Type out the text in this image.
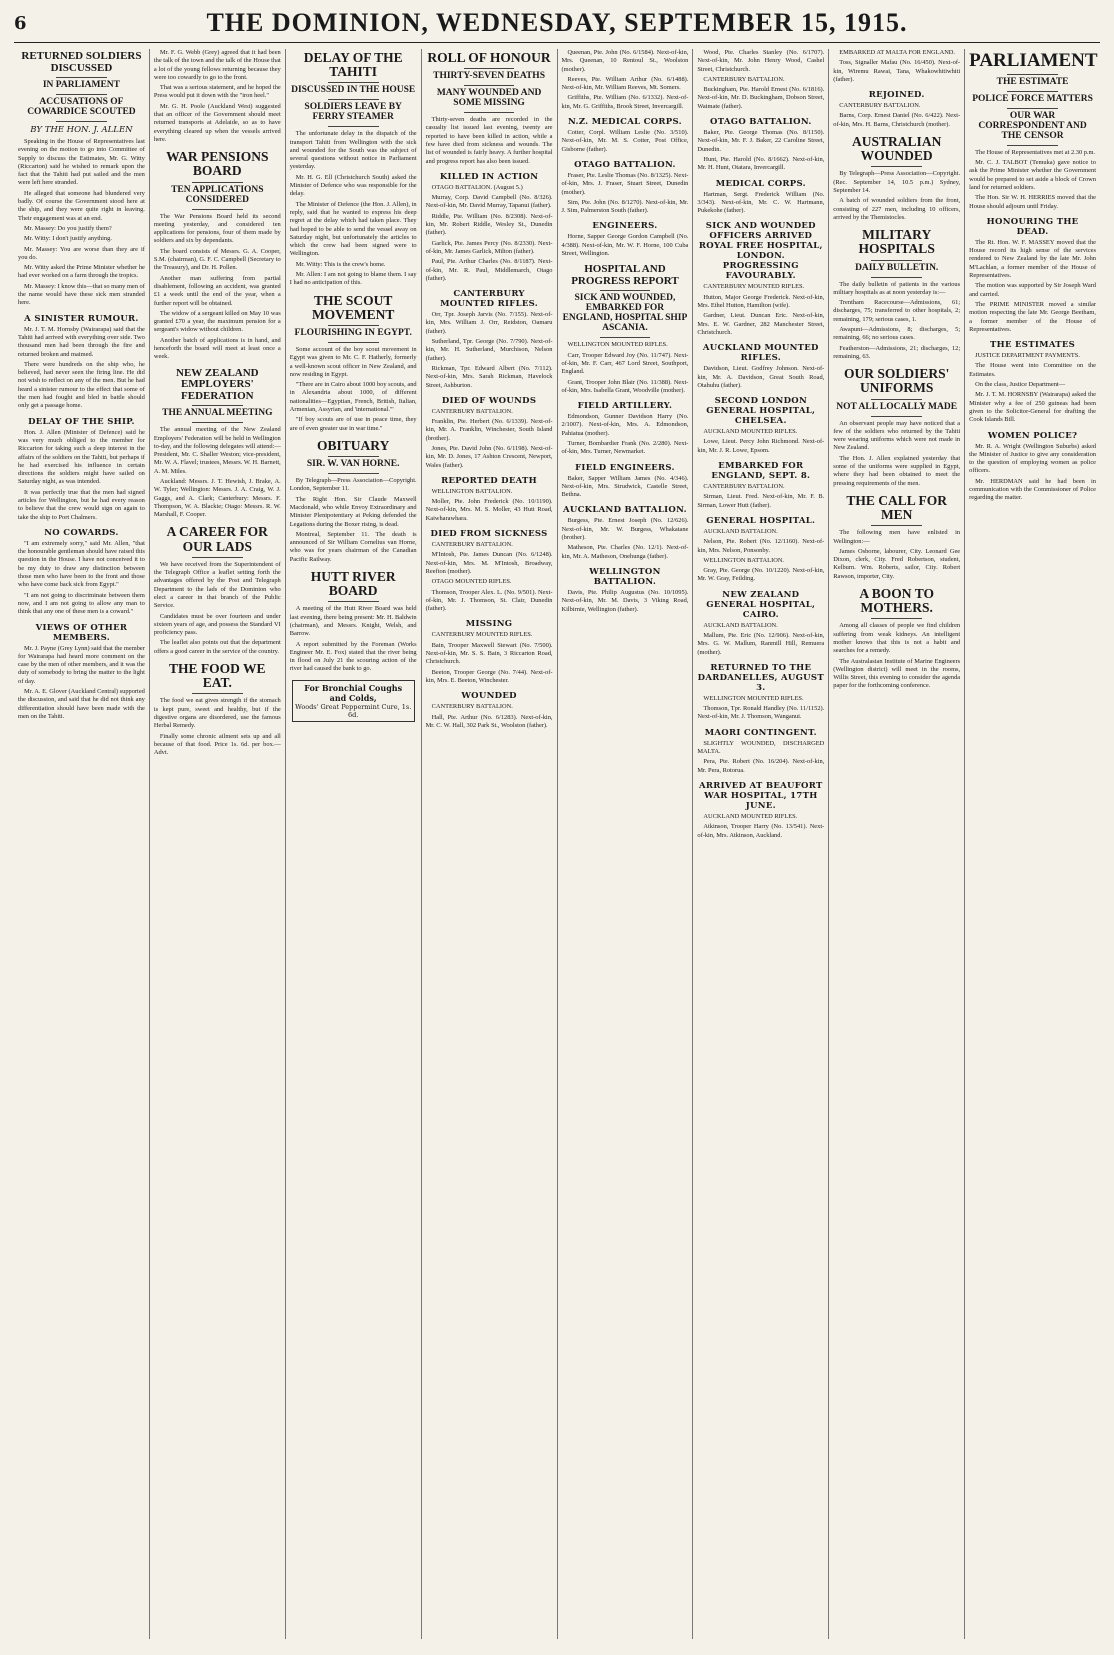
6	THE DOMINION, WEDNESDAY, SEPTEMBER 15, 1915.
RETURNED SOLDIERS DISCUSSED
IN PARLIAMENT
ACCUSATIONS OF COWARDICE SCOUTED
BY THE HON. J. ALLEN

Speaking in the House of Representatives last evening on the motion to go into Committee of Supply to discuss the Estimates, Mr. G. Witty (Riccarton) said he wished to remark upon the fact that the Tahiti had put sailed and the men were left here stranded.

He alleged that someone had blundered very badly. Of course the Government stood here at the ship, and they were quite right in leaving. Their engagement was at an end.

Mr. Massey: Do you justify them?

Mr. Witty: I don't justify anything.

Mr. Massey: You are worse than they are if you do.

Mr. Witty asked the Prime Minister whether he had ever worked on a farm through the tropics.

Mr. Massey: I know this—that so many men of the name would have these sick men stranded here.

A SINISTER RUMOUR.

Mr. J. T. M. Hornsby (Wairarapa) said that the Tahiti had arrived with everything over side. Two thousand men had been through the fire and returned broken and maimed.

There were hundreds on the ship who, he believed, had never seen the firing line. He did not wish to reflect on any of the men. But he had heard a sinister rumour to the effect that some of the men had fought and bled in battle should only get a passage home.

DELAY OF THE SHIP.

Hon. J. Allen (Minister of Defence) said he was very much obliged to the member for Riccarton for taking such a deep interest in the affairs of the soldiers on the Tahiti, but perhaps if he had exercised his influence in certain directions the soldiers might have sailed on Saturday night, as was intended.

It was perfectly true that the men had signed articles for Wellington, but he had every reason to believe that the crew would sign on again to take the ship to Port Chalmers.

NO COWARDS.

"I am extremely sorry," said Mr. Allen, "that the honourable gentleman should have raised this question in the House. I have not conceived it to be my duty to draw any distinction between those men who have been to the front and those who have come back sick from Egypt."

"I am not going to discriminate between them now, and I am not going to allow any man to think that any one of these men is a coward."

VIEWS OF OTHER MEMBERS.

Mr. J. Payne (Grey Lynn) said that the member for Wairarapa had heard more comment on the case by the men of other members, and it was the duty of somebody to bring the matter to the light of day.

Mr. A. E. Glover (Auckland Central) supported the discussion, and said that he did not think any differentiation should have been made with the men on the Tahiti.

Mr. F. G. Webb (Grey) agreed that it had been the talk of the town and the talk of the House that a lot of the young fellows returning because they were too cowardly to go to the front.

That was a serious statement, and he hoped the Press would put it down with the "iron heel."

Mr. G. H. Poole (Auckland West) suggested that an officer of the Government should meet returned transports at Adelaide, so as to have everything cleared up when the vessels arrived here.

WAR PENSIONS BOARD
TEN APPLICATIONS CONSIDERED

The War Pensions Board held its second meeting yesterday, and considered ten applications for pensions, four of them made by soldiers and six by dependants.

The board consists of Messrs. G. A. Cooper, S.M. (chairman), G. F. C. Campbell (Secretary to the Treasury), and Dr. H. Pollen.

Another man suffering from partial disablement, following an accident, was granted £1 a week until the end of the year, when a further report will be obtained.

The widow of a sergeant killed on May 10 was granted £70 a year, the maximum pension for a sergeant's widow without children.

Another batch of applications is in hand, and henceforth the board will meet at least once a week.

NEW ZEALAND EMPLOYERS' FEDERATION
THE ANNUAL MEETING

The annual meeting of the New Zealand Employers' Federation will be held in Wellington to-day, and the following delegates will attend:—President, Mr. C. Shaller Weston; vice-president, Mr. W. A. Flavel; trustees, Messrs. W. H. Barnett, A. M. Miles.

Auckland: Messrs. J. T. Hewish, J. Brake, A. W. Tyler; Wellington: Messrs. J. A. Craig, W. J. Gaggs, and A. Clark; Canterbury: Messrs. F. Thompson, W. A. Blackie; Otago: Messrs. R. W. Marshall, F. Cooper.

A CAREER FOR OUR LADS

We have received from the Superintendent of the Telegraph Office a leaflet setting forth the advantages offered by the Post and Telegraph Department to the lads of the Dominion who elect a career in that branch of the Public Service.

Candidates must be over fourteen and under sixteen years of age, and possess the Standard VI proficiency pass.

The leaflet also points out that the department offers a good career in the service of the country.

THE FOOD WE EAT.

The food we eat gives strength if the stomach is kept pure, sweet and healthy, but if the digestive organs are disordered, use the famous Herbal Remedy.

Finally some chronic ailment sets up and all because of that food. Price 1s. 6d. per box.—Advt.

DELAY OF THE TAHITI
DISCUSSED IN THE HOUSE
SOLDIERS LEAVE BY FERRY STEAMER

The unfortunate delay in the dispatch of the transport Tahiti from Wellington with the sick and wounded for the South was the subject of several questions without notice in Parliament yesterday.

Mr. H. G. Ell (Christchurch South) asked the Minister of Defence who was responsible for the delay.

The Minister of Defence (the Hon. J. Allen), in reply, said that he wanted to express his deep regret at the delay which had taken place. They had hoped to be able to send the vessel away on Saturday night, but unfortunately the articles to which the crew had been signed were to Wellington.

Mr. Witty: This is the crew's home.

Mr. Allen: I am not going to blame them. I say I had no anticipation of this.

THE SCOUT MOVEMENT
FLOURISHING IN EGYPT.

Some account of the boy scout movement in Egypt was given to Mr. C. F. Hatherly, formerly a well-known scout officer in New Zealand, and now residing in Egypt.

"There are in Cairo about 1000 boy scouts, and in Alexandria about 1000, of different nationalities—Egyptian, French, British, Italian, Armenian, Assyrian, and 'international.'"

"If boy scouts are of use in peace time, they are of even greater use in war time."

OBITUARY
SIR. W. VAN HORNE.

By Telegraph—Press Association—Copyright. London, September 11.

The Right Hon. Sir Claude Maxwell Macdonald, who while Envoy Extraordinary and Minister Plenipotentiary at Peking defended the Legations during the Boxer rising, is dead.

Montreal, September 11. The death is announced of Sir William Cornelius van Horne, who was for years chairman of the Canadian Pacific Railway.

HUTT RIVER BOARD

A meeting of the Hutt River Board was held last evening, there being present: Mr. H. Baldwin (chairman), and Messrs. Knight, Welsh, and Barrow.

A report submitted by the Foreman (Works Engineer Mr. E. Fox) stated that the river being in flood on July 21 the scouring action of the river had caused the bank to go.

For Bronchial Coughs and Colds,
Woods' Great Peppermint Cure, 1s. 6d.
ROLL OF HONOUR
THIRTY-SEVEN DEATHS
MANY WOUNDED AND SOME MISSING

Thirty-seven deaths are recorded in the casualty list issued last evening, twenty are reported to have been killed in action, while a few have died from sickness and wounds. The list of wounded is fairly heavy. A further hospital and progress report has also been issued.

KILLED IN ACTION

OTAGO BATTALION. (August 5.)

Murray, Corp. David Campbell (No. 8/326). Next-of-kin, Mr. David Murray, Tapanui (father).

Riddle, Pte. William (No. 8/2308). Next-of-kin, Mr. Robert Riddle, Wesley St., Dunedin (father).

Garlick, Pte. James Percy (No. 8/2330). Next-of-kin, Mr. James Garlick, Milton (father).

Paul, Pte. Arthur Charles (No. 8/1187). Next-of-kin, Mr. R. Paul, Middlemarch, Otago (father).

CANTERBURY MOUNTED RIFLES.

Orr, Tpr. Joseph Jarvis (No. 7/155). Next-of-kin, Mrs. William J. Orr, Reidston, Oamaru (father).

Sutherland, Tpr. George (No. 7/790). Next-of-kin, Mr. H. Sutherland, Murchison, Nelson (father).

Rickman, Tpr. Edward Albert (No. 7/112). Next-of-kin, Mrs. Sarah Rickman, Havelock Street, Ashburton.

DIED OF WOUNDS

CANTERBURY BATTALION.

Franklin, Pte. Herbert (No. 6/1339). Next-of-kin, Mr. A. Franklin, Winchester, South Island (brother).

Jones, Pte. David John (No. 6/1198). Next-of-kin, Mr. D. Jones, 17 Ashton Crescent, Newport, Wales (father).

REPORTED DEATH

WELLINGTON BATTALION.

Moller, Pte. John Frederick (No. 10/1190). Next-of-kin, Mrs. M. S. Moller, 43 Hutt Road, Kaiwharawhara.

DIED FROM SICKNESS

CANTERBURY BATTALION.

M'Intosh, Pte. James Duncan (No. 6/1248). Next-of-kin, Mrs. M. M'Intosh, Broadway, Reefton (mother).

OTAGO MOUNTED RIFLES.

Thomson, Trooper Alex. L. (No. 9/501). Next-of-kin, Mr. J. Thomson, St. Clair, Dunedin (father).

MISSING

CANTERBURY MOUNTED RIFLES.

Bain, Trooper Maxwell Stewart (No. 7/500). Next-of-kin, Mr. S. S. Bain, 3 Riccarton Road, Christchurch.

Beeton, Trooper George (No. 7/44). Next-of-kin, Mrs. E. Beeton, Winchester.

WOUNDED

CANTERBURY BATTALION.

Hall, Pte. Arthur (No. 6/1283). Next-of-kin, Mr. C. W. Hall, 302 Park St., Woolston (father).

Queenan, Pte. John (No. 6/1584). Next-of-kin, Mrs. Queenan, 10 Rentoul St., Woolston (mother).

Reeves, Pte. William Arthur (No. 6/1488). Next-of-kin, Mr. William Reeves, Mt. Somers.

Griffiths, Pte. William (No. 6/1332). Next-of-kin, Mr. G. Griffiths, Brook Street, Invercargill.

N.Z. MEDICAL CORPS.

Cotter, Corpl. William Leslie (No. 3/510). Next-of-kin, Mr. M. S. Cotter, Post Office, Gisborne (father).

OTAGO BATTALION.

Fraser, Pte. Leslie Thomas (No. 8/1325). Next-of-kin, Mrs. J. Fraser, Stuart Street, Dunedin (mother).

Sim, Pte. John (No. 8/1270). Next-of-kin, Mr. J. Sim, Palmerston South (father).

ENGINEERS.

Horne, Sapper George Gordon Campbell (No. 4/388). Next-of-kin, Mr. W. F. Horne, 100 Cuba Street, Wellington.

HOSPITAL AND PROGRESS REPORT
SICK AND WOUNDED, EMBARKED FOR ENGLAND, HOSPITAL SHIP ASCANIA.

WELLINGTON MOUNTED RIFLES.

Carr, Trooper Edward Joy (No. 11/747). Next-of-kin, Mr. F. Carr, 467 Lord Street, Southport, England.

Grant, Trooper John Blair (No. 11/388). Next-of-kin, Mrs. Isabella Grant, Woodville (mother).

FIELD ARTILLERY.

Edmondson, Gunner Davidson Harry (No. 2/1007). Next-of-kin, Mrs. A. Edmondson, Pahiatua (mother).

Turner, Bombardier Frank (No. 2/280). Next-of-kin, Mrs. Turner, Newmarket.

FIELD ENGINEERS.

Baker, Sapper William James (No. 4/346). Next-of-kin, Mrs. Strudwick, Castelle Street, Bethna.

AUCKLAND BATTALION.

Burgess, Pte. Ernest Joseph (No. 12/626). Next-of-kin, Mr. W. Burgess, Whakatane (brother).

Matheson, Pte. Charles (No. 12/1). Next-of-kin, Mr. A. Matheson, Onehunga (father).

WELLINGTON BATTALION.

Davis, Pte. Philip Augustus (No. 10/1095). Next-of-kin, Mr. M. Davis, 3 Viking Road, Kilbirnie, Wellington (father).

Wood, Pte. Charles Stanley (No. 6/1707). Next-of-kin, Mr. John Henry Wood, Cashel Street, Christchurch.

CANTERBURY BATTALION.

Buckingham, Pte. Harold Ernest (No. 6/1816). Next-of-kin, Mr. D. Buckingham, Dobson Street, Waimate (father).

OTAGO BATTALION.

Baker, Pte. George Thomas (No. 8/1150). Next-of-kin, Mr. F. J. Baker, 22 Caroline Street, Dunedin.

Hunt, Pte. Harold (No. 8/1662). Next-of-kin, Mr. H. Hunt, Otatara, Invercargill.

MEDICAL CORPS.

Hartman, Sergt. Frederick William (No. 3/343). Next-of-kin, Mr. C. W. Hartmann, Pukekohe (father).

SICK AND WOUNDED OFFICERS ARRIVED ROYAL FREE HOSPITAL, LONDON. PROGRESSING FAVOURABLY.

CANTERBURY MOUNTED RIFLES.

Hutton, Major George Frederick. Next-of-kin, Mrs. Ethel Hutton, Hamilton (wife).

Gardner, Lieut. Duncan Eric. Next-of-kin, Mrs. E. W. Gardner, 282 Manchester Street, Christchurch.

AUCKLAND MOUNTED RIFLES.

Davidson, Lieut. Godfrey Johnson. Next-of-kin, Mr. A. Davidson, Great South Road, Otahuhu (father).

SECOND LONDON GENERAL HOSPITAL, CHELSEA.

AUCKLAND MOUNTED RIFLES.

Lowe, Lieut. Percy John Richmond. Next-of-kin, Mr. J. R. Lowe, Epsom.

EMBARKED FOR ENGLAND, SEPT. 8.

CANTERBURY BATTALION.

Sirman, Lieut. Fred. Next-of-kin, Mr. F. B. Sirman, Lower Hutt (father).

GENERAL HOSPITAL.

AUCKLAND BATTALION.

Nelson, Pte. Robert (No. 12/1160). Next-of-kin, Mrs. Nelson, Ponsonby.

WELLINGTON BATTALION.

Gray, Pte. George (No. 10/1220). Next-of-kin, Mr. W. Gray, Feilding.

NEW ZEALAND GENERAL HOSPITAL, CAIRO.

AUCKLAND BATTALION.

Mallum, Pte. Eric (No. 12/906). Next-of-kin, Mrs. G. W. Mallum, Ranmill Hill, Remuera (mother).

RETURNED TO THE DARDANELLES, AUGUST 3.

WELLINGTON MOUNTED RIFLES.

Thomson, Tpr. Ronald Handley (No. 11/1152). Next-of-kin, Mr. J. Thomson, Wanganui.

MAORI CONTINGENT.

SLIGHTLY WOUNDED, DISCHARGED MALTA.

Pera, Pte. Robert (No. 16/204). Next-of-kin, Mr. Pera, Rotorua.

ARRIVED AT BEAUFORT WAR HOSPITAL, 17TH JUNE.

AUCKLAND MOUNTED RIFLES.

Atkinson, Trooper Harry (No. 13/541). Next-of-kin, Mrs. Atkinson, Auckland.

EMBARKED AT MALTA FOR ENGLAND.

Toss, Signaller Mafau (No. 16/450). Next-of-kin, Wiremu Rawai, Tana, Whakowhitiwhiti (father).

REJOINED.

CANTERBURY BATTALION.

Barns, Corp. Ernest Daniel (No. 6/422). Next-of-kin, Mrs. H. Barns, Christchurch (mother).

AUSTRALIAN WOUNDED

By Telegraph—Press Association—Copyright. (Rec. September 14, 10.5 p.m.) Sydney, September 14.

A batch of wounded soldiers from the front, consisting of 227 men, including 10 officers, arrived by the Themistocles.

MILITARY HOSPITALS
DAILY BULLETIN.

The daily bulletin of patients in the various military hospitals as at noon yesterday is:—

Trentham Racecourse—Admissions, 61; discharges, 75; transferred to other hospitals, 2; remaining, 179; serious cases, 1.

Awapuni—Admissions, 8; discharges, 5; remaining, 66; no serious cases.

Featherston—Admissions, 21; discharges, 12; remaining, 63.

OUR SOLDIERS' UNIFORMS
NOT ALL LOCALLY MADE

An observant people may have noticed that a few of the soldiers who returned by the Tahiti were wearing uniforms which were not made in New Zealand.

The Hon. J. Allen explained yesterday that some of the uniforms were supplied in Egypt, where they had been obtained to meet the pressing requirements of the men.

THE CALL FOR MEN

The following men have enlisted in Wellington:—

James Osborne, labourer, City. Leonard Gee Dixon, clerk, City. Fred Robertson, student, Kelburn. Wm. Roberts, sailor, City. Robert Rawson, importer, City.

A BOON TO MOTHERS.

Among all classes of people we find children suffering from weak kidneys. An intelligent mother knows that this is not a habit and searches for a remedy.

The Australasian Institute of Marine Engineers (Wellington district) will meet in the rooms, Willis Street, this evening to consider the agenda paper for the forthcoming conference.

PARLIAMENT
THE ESTIMATE
POLICE FORCE MATTERS
OUR WAR CORRESPONDENT AND THE CENSOR

The House of Representatives met at 2.30 p.m.

Mr. C. J. TALBOT (Temuka) gave notice to ask the Prime Minister whether the Government would be prepared to set aside a block of Crown land for returned soldiers.

The Hon. Sir W. H. HERRIES moved that the House should adjourn until Friday.

HONOURING THE DEAD.

The Rt. Hon. W. F. MASSEY moved that the House record its high sense of the services rendered to New Zealand by the late Mr. John M'Lachlan, a former member of the House of Representatives.

The motion was supported by Sir Joseph Ward and carried.

The PRIME MINISTER moved a similar motion respecting the late Mr. George Beetham, a former member of the House of Representatives.

THE ESTIMATES

JUSTICE DEPARTMENT PAYMENTS.

The House went into Committee on the Estimates.

On the class, Justice Department—

Mr. J. T. M. HORNSBY (Wairarapa) asked the Minister why a fee of 250 guineas had been given to the Solicitor-General for drafting the Cook Islands Bill.

WOMEN POLICE?

Mr. R. A. Wright (Wellington Suburbs) asked the Minister of Justice to give any consideration to the question of employing women as police officers.

Mr. HERDMAN said he had been in communication with the Commissioner of Police regarding the matter.
